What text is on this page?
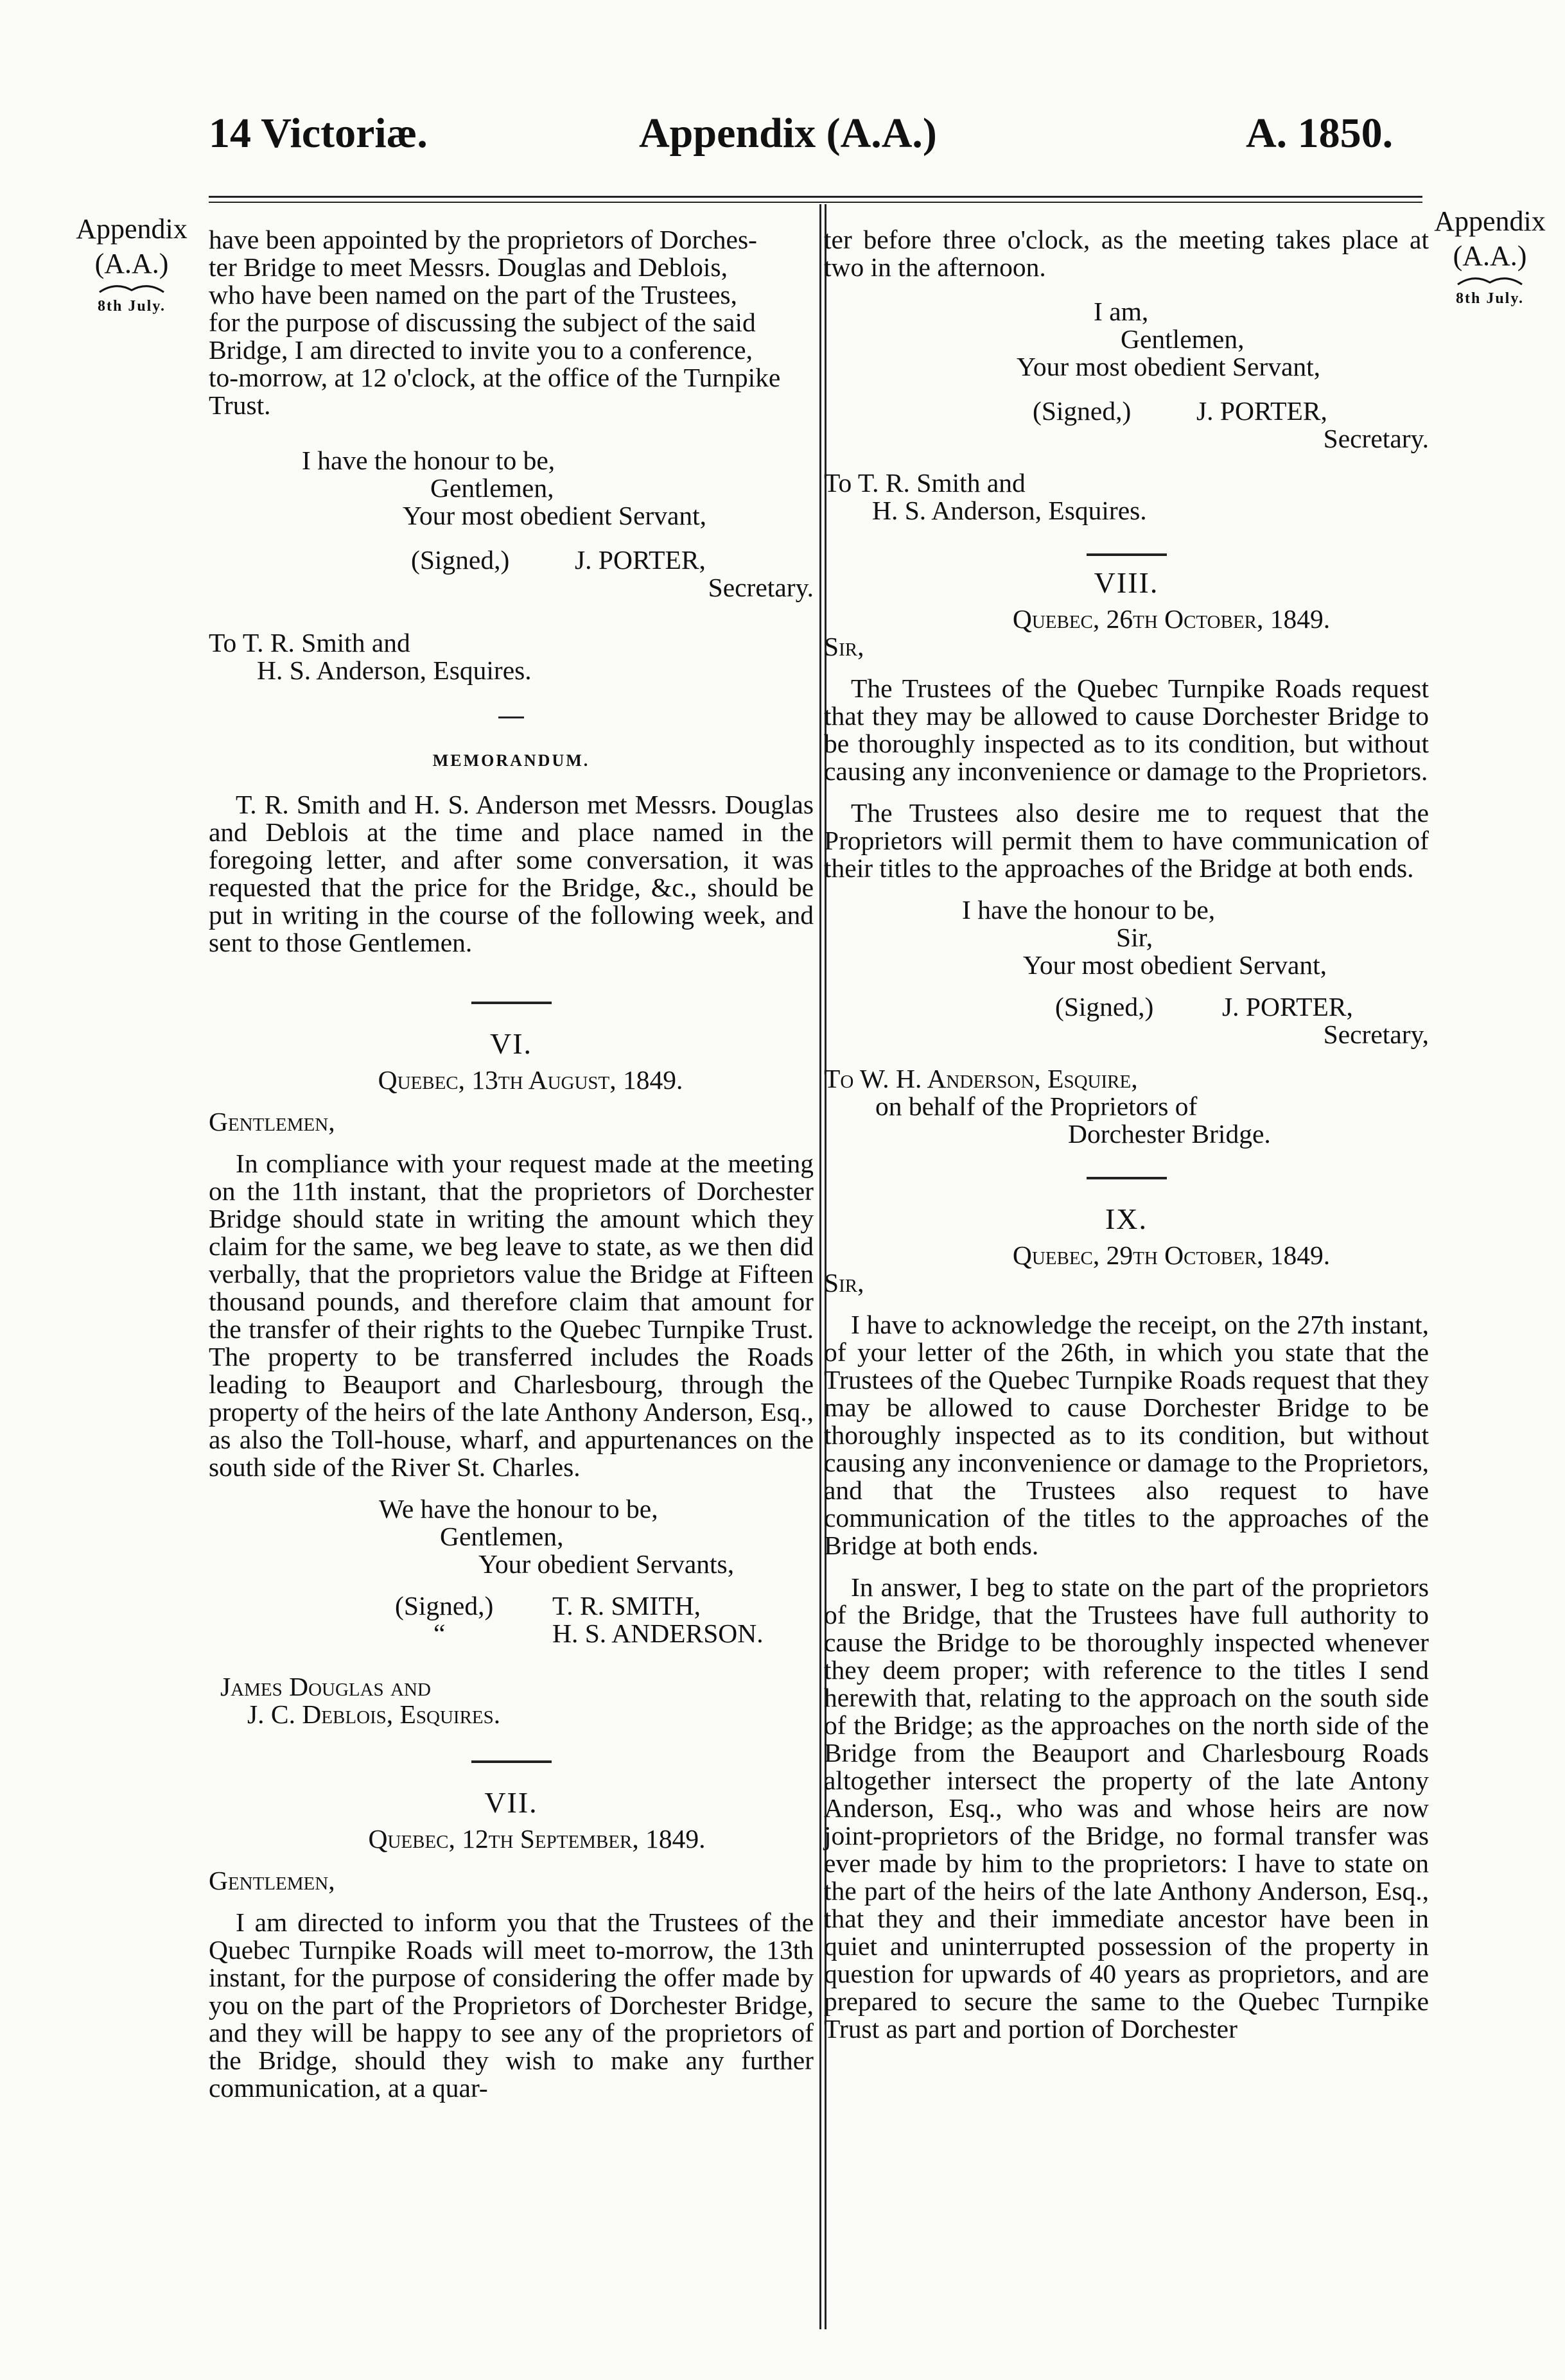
14 Victoriæ.	Appendix (A.A.)	A. 1850.
Appendix
(A.A.)
8th July.
Appendix
(A.A.)
8th July.
have been appointed by the proprietors of Dorches-
ter Bridge to meet Messrs. Douglas and Deblois,
who have been named on the part of the Trustees,
for the purpose of discussing the subject of the said
Bridge, I am directed to invite you to a conference,
to-morrow, at 12 o'clock, at the office of the Turnpike
Trust.
I have the honour to be,
Gentlemen,
Your most obedient Servant,
(Signed,) J. PORTER,
Secretary.
To T. R. Smith and
H. S. Anderson, Esquires.
MEMORANDUM.

T. R. Smith and H. S. Anderson met Messrs. Douglas and Deblois at the time and place named in the foregoing letter, and after some conversation, it was requested that the price for the Bridge, &c., should be put in writing in the course of the following week, and sent to those Gentlemen.

VI.
Quebec, 13th August, 1849.
Gentlemen,

In compliance with your request made at the meeting on the 11th instant, that the proprietors of Dorchester Bridge should state in writing the amount which they claim for the same, we beg leave to state, as we then did verbally, that the proprietors value the Bridge at Fifteen thousand pounds, and therefore claim that amount for the transfer of their rights to the Quebec Turnpike Trust. The property to be transferred includes the Roads leading to Beauport and Charlesbourg, through the property of the heirs of the late Anthony Anderson, Esq., as also the Toll-house, wharf, and appurtenances on the south side of the River St. Charles.

We have the honour to be,
Gentlemen,
Your obedient Servants,
(Signed,) T. R. SMITH,
“	H. S. ANDERSON.
James Douglas and
J. C. Deblois, Esquires.
VII.
Quebec, 12th September, 1849.
Gentlemen,

I am directed to inform you that the Trustees of the Quebec Turnpike Roads will meet to-morrow, the 13th instant, for the purpose of considering the offer made by you on the part of the Proprietors of Dorchester Bridge, and they will be happy to see any of the proprietors of the Bridge, should they wish to make any further communication, at a quar-

ter before three o'clock, as the meeting takes place at two in the afternoon.

I am,
Gentlemen,
Your most obedient Servant,
(Signed,) J. PORTER,
Secretary.
To T. R. Smith and
H. S. Anderson, Esquires.
VIII.
Quebec, 26th October, 1849.
Sir,

The Trustees of the Quebec Turnpike Roads request that they may be allowed to cause Dorchester Bridge to be thoroughly inspected as to its condition, but without causing any inconvenience or damage to the Proprietors.

The Trustees also desire me to request that the Proprietors will permit them to have communication of their titles to the approaches of the Bridge at both ends.

I have the honour to be,
Sir,
Your most obedient Servant,
(Signed,)	J. PORTER,
Secretary,
To W. H. Anderson, Esquire,
on behalf of the Proprietors of
Dorchester Bridge.
IX.
Quebec, 29th October, 1849.
Sir,

I have to acknowledge the receipt, on the 27th instant, of your letter of the 26th, in which you state that the Trustees of the Quebec Turnpike Roads request that they may be allowed to cause Dorchester Bridge to be thoroughly inspected as to its condition, but without causing any inconvenience or damage to the Proprietors, and that the Trustees also request to have communication of the titles to the approaches of the Bridge at both ends.

In answer, I beg to state on the part of the proprietors of the Bridge, that the Trustees have full authority to cause the Bridge to be thoroughly inspected whenever they deem proper; with reference to the titles I send herewith that, relating to the approach on the south side of the Bridge; as the approaches on the north side of the Bridge from the Beauport and Charlesbourg Roads altogether intersect the property of the late Antony Anderson, Esq., who was and whose heirs are now joint-proprietors of the Bridge, no formal transfer was ever made by him to the proprietors: I have to state on the part of the heirs of the late Anthony Anderson, Esq., that they and their immediate ancestor have been in quiet and uninterrupted possession of the property in question for upwards of 40 years as proprietors, and are prepared to secure the same to the Quebec Turnpike Trust as part and portion of Dorchester
